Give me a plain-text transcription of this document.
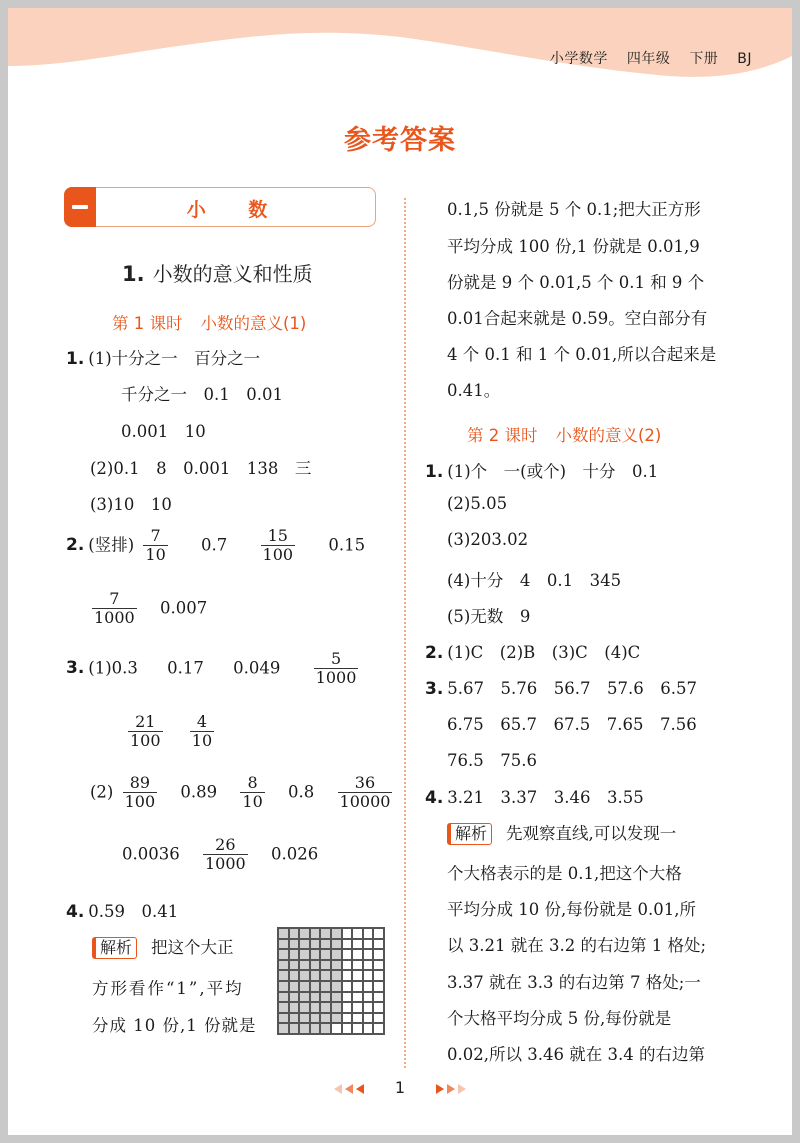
小学数学 四年级 下册 BJ
参考答案
小 数
1. 小数的意义和性质
第 1 课时 小数的意义(1)
1. (1)十分之一　百分之一
千分之一　0.1　0.01
0.001　10
(2)0.1　8　0.001　138　三
(3)10　10
2. (竖排) $\frac{7}{10} 0.7 \frac{15}{100} 0.15$
$\frac{7}{1000} 0.007$
3. (1)0.3 0.17 $0.049 \frac{5}{1000}$
$\frac{21}{100}$
$\frac{4}{10}$
$(2) \frac{89}{100} 0.89 \frac{8}{10} 0.8 \frac{36}{10000}$
$0.0036 \frac{26}{1000} 0.026$
4. 0.59　0.41
解析 把这个大正
方形看作“1”,平均
分成 10 份,1 份就是
0.1,5 份就是 5 个 0.1;把大正方形
平均分成 100 份,1 份就是 0.01,9
份就是 9 个 0.01,5 个 0.1 和 9 个
0.01合起来就是 0.59。空白部分有
4 个 0.1 和 1 个 0.01,所以合起来是
0.41。
第 2 课时 小数的意义(2)
1. (1)个　一(或个)　十分　0.1
(2)5.05
(3)203.02
(4)十分　4　0.1　345
(5)无数　9
2. (1)C　(2)B　(3)C　(4)C
3. 5.67　5.76　56.7　57.6　6.57
6.75　65.7　67.5　7.65　7.56
76.5　75.6
4. 3.21　3.37　3.46　3.55
解析 先观察直线,可以发现一
个大格表示的是 0.1,把这个大格
平均分成 10 份,每份就是 0.01,所
以 3.21 就在 3.2 的右边第 1 格处;
3.37 就在 3.3 的右边第 7 格处;一
个大格平均分成 5 份,每份就是
0.02,所以 3.46 就在 3.4 的右边第
1
